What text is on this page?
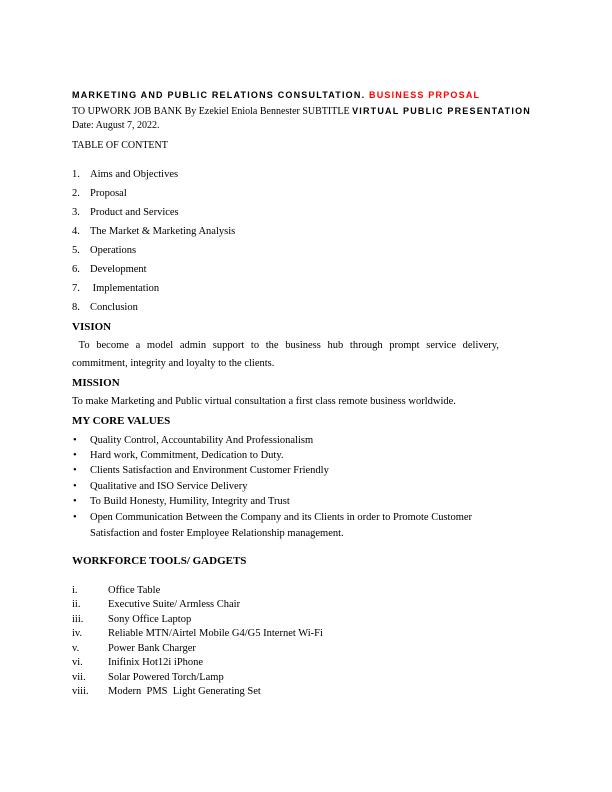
MARKETING AND PUBLIC RELATIONS CONSULTATION. BUSINESS PRPOSAL
TO UPWORK JOB BANK By Ezekiel Eniola Bennester SUBTITLE VIRTUAL PUBLIC PRESENTATION
Date: August 7, 2022.
TABLE OF CONTENT
1. Aims and Objectives
2. Proposal
3. Product and Services
4. The Market & Marketing Analysis
5. Operations
6. Development
7. Implementation
8. Conclusion
VISION
To become a model admin support to the business hub through prompt service delivery, commitment, integrity and loyalty to the clients.
MISSION
To make Marketing and Public virtual consultation a first class remote business worldwide.
MY CORE VALUES
• Quality Control, Accountability And Professionalism
• Hard work, Commitment, Dedication to Duty.
• Clients Satisfaction and Environment Customer Friendly
• Qualitative and ISO Service Delivery
• To Build Honesty, Humility, Integrity and Trust
• Open Communication Between the Company and its Clients in order to Promote Customer Satisfaction and foster Employee Relationship management.
WORKFORCE TOOLS/ GADGETS
i.	Office Table
ii.	Executive Suite/ Armless Chair
iii. Sony Office Laptop
iv. Reliable MTN/Airtel Mobile G4/G5 Internet Wi-Fi
v.	Power Bank Charger
vi. Inifinix Hot12i iPhone
vii. Solar Powered Torch/Lamp
viii. Modern  PMS  Light Generating Set
